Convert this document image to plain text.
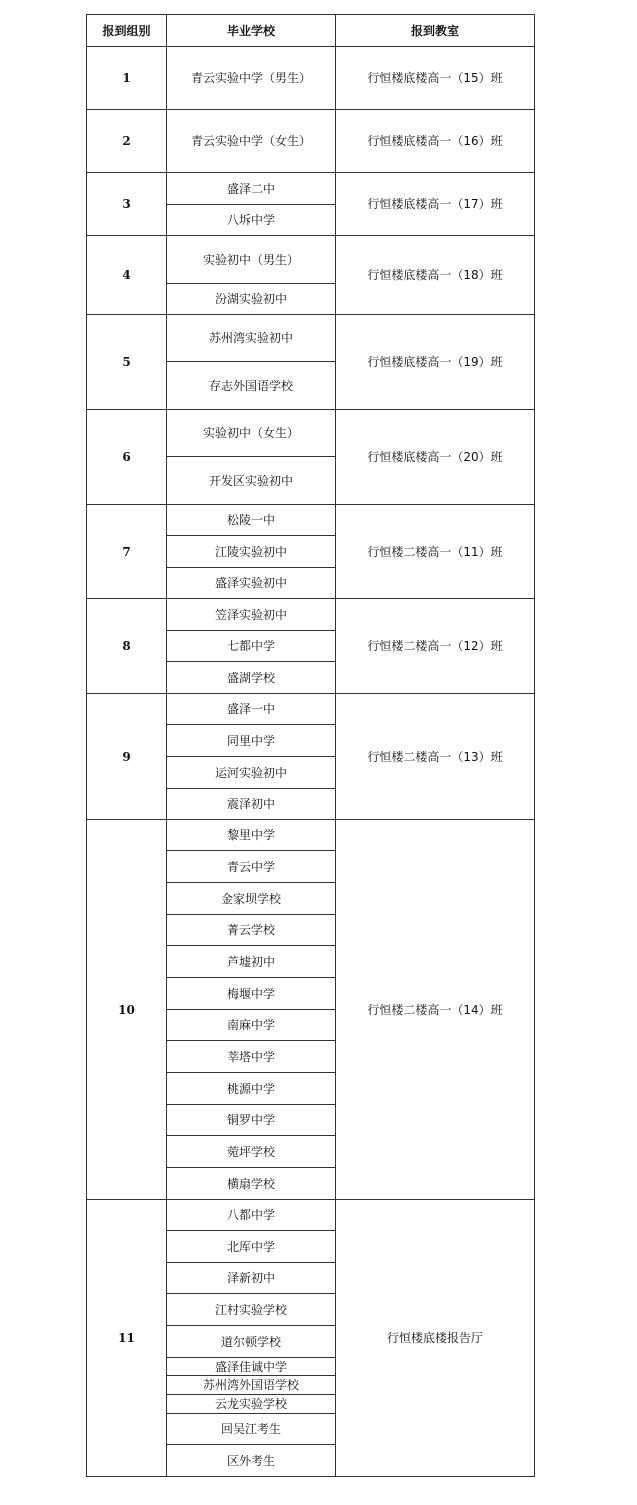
报到组别	毕业学校	报到教室
1	青云实验中学（男生）	行恒楼底楼高一（15）班
2	青云实验中学（女生）	行恒楼底楼高一（16）班
3	盛泽二中	行恒楼底楼高一（17）班
	八坼中学	
4	实验初中（男生）	行恒楼底楼高一（18）班
	汾湖实验初中	
5	苏州湾实验初中	行恒楼底楼高一（19）班
	存志外国语学校	
6	实验初中（女生）	行恒楼底楼高一（20）班
	开发区实验初中	
7	松陵一中	行恒楼二楼高一（11）班
	江陵实验初中	
	盛泽实验初中	
8	笠泽实验初中	行恒楼二楼高一（12）班
	七都中学	
	盛湖学校	
9	盛泽一中	行恒楼二楼高一（13）班
	同里中学	
	运河实验初中	
	震泽初中	
10	黎里中学	行恒楼二楼高一（14）班
	青云中学	
	金家坝学校	
	菁云学校	
	芦墟初中	
	梅堰中学	
	南麻中学	
	莘塔中学	
	桃源中学	
	铜罗中学	
	菀坪学校	
	横扇学校	
11	八都中学	行恒楼底楼报告厅
	北厍中学	
	泽新初中	
	江村实验学校	
	道尔顿学校	
	盛泽佳诚中学	
	苏州湾外国语学校	
	云龙实验学校	
	回吴江考生	
	区外考生	
